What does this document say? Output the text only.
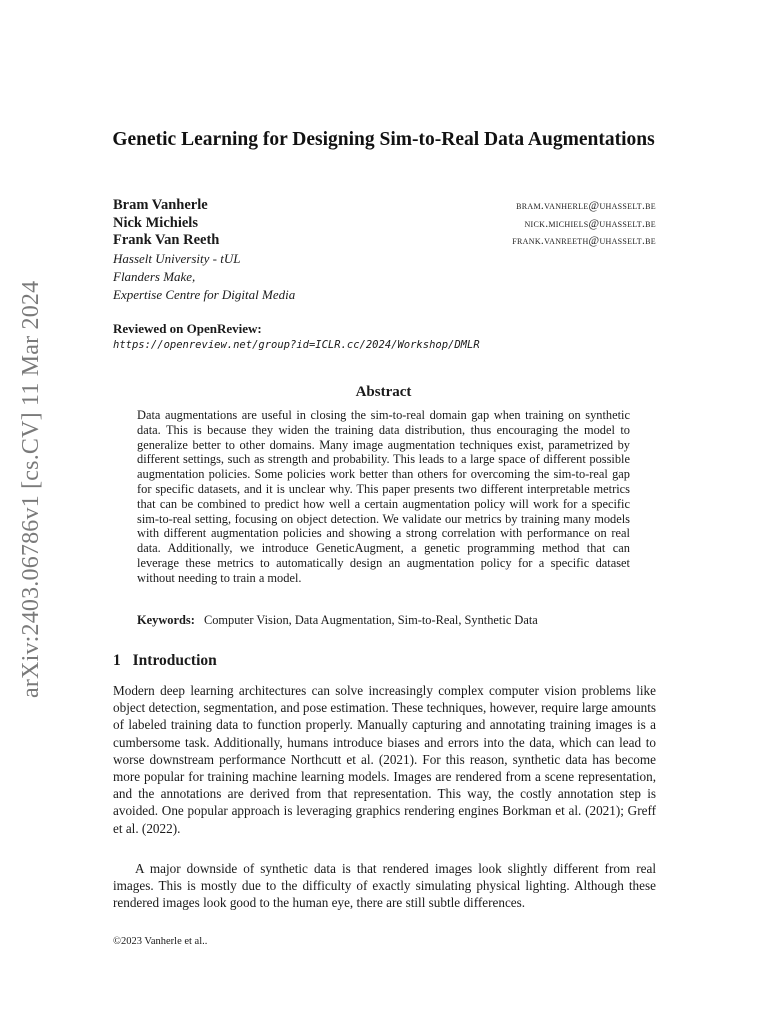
arXiv:2403.06786v1 [cs.CV] 11 Mar 2024
Genetic Learning for Designing Sim-to-Real Data Augmentations
Bram Vanherle	bram.vanherle@uhasselt.be
Nick Michiels	nick.michiels@uhasselt.be
Frank Van Reeth	frank.vanreeth@uhasselt.be
Hasselt University - tUL
Flanders Make,
Expertise Centre for Digital Media
Reviewed on OpenReview:
https://openreview.net/group?id=ICLR.cc/2024/Workshop/DMLR
Abstract
Data augmentations are useful in closing the sim-to-real domain gap when training on synthetic data. This is because they widen the training data distribution, thus encouraging the model to generalize better to other domains. Many image augmentation techniques exist, parametrized by different settings, such as strength and probability. This leads to a large space of different possible augmentation policies. Some policies work better than others for overcoming the sim-to-real gap for specific datasets, and it is unclear why. This paper presents two different interpretable metrics that can be combined to predict how well a certain augmentation policy will work for a specific sim-to-real setting, focusing on object detection. We validate our metrics by training many models with different augmentation policies and showing a strong correlation with performance on real data. Additionally, we introduce GeneticAugment, a genetic programming method that can leverage these metrics to automatically design an augmentation policy for a specific dataset without needing to train a model.
Keywords: Computer Vision, Data Augmentation, Sim-to-Real, Synthetic Data
1 Introduction

Modern deep learning architectures can solve increasingly complex computer vision problems like object detection, segmentation, and pose estimation. These techniques, however, require large amounts of labeled training data to function properly. Manually capturing and annotating training images is a cumbersome task. Additionally, humans introduce biases and errors into the data, which can lead to worse downstream performance Northcutt et al. (2021). For this reason, synthetic data has become more popular for training machine learning models. Images are rendered from a scene representation, and the annotations are derived from that representation. This way, the costly annotation step is avoided. One popular approach is leveraging graphics rendering engines Borkman et al. (2021); Greff et al. (2022).

A major downside of synthetic data is that rendered images look slightly different from real images. This is mostly due to the difficulty of exactly simulating physical lighting. Although these rendered images look good to the human eye, there are still subtle differences.

©2023 Vanherle et al..
